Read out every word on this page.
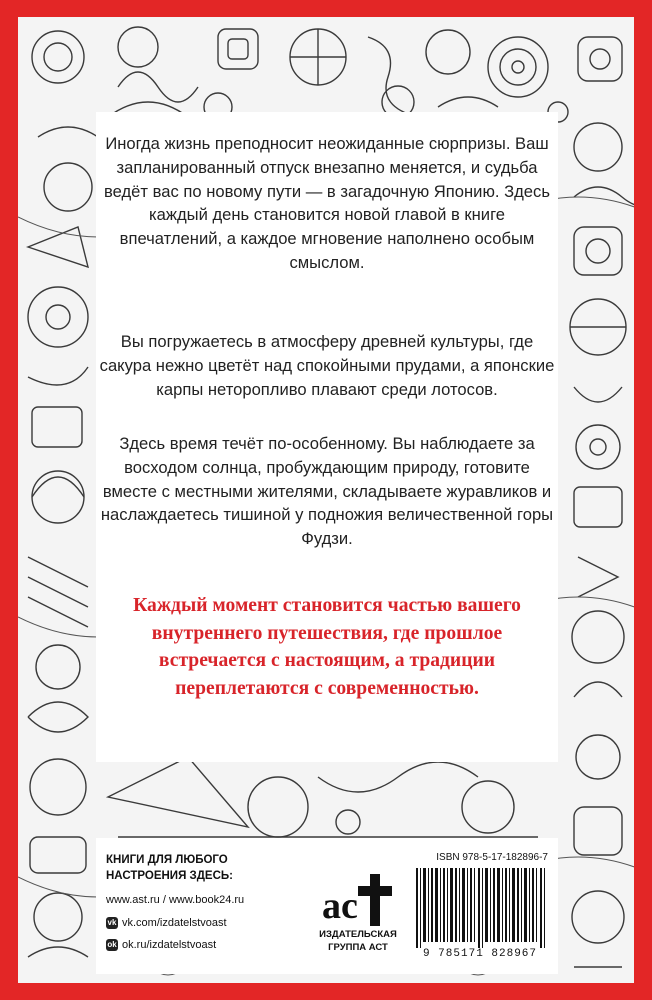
Иногда жизнь преподносит неожиданные сюрпризы. Ваш запланированный отпуск внезапно меняется, и судьба ведёт вас по новому пути — в загадочную Японию. Здесь каждый день становится новой главой в книге впечатлений, а каждое мгновение наполнено особым смыслом.

Вы погружаетесь в атмосферу древней культуры, где сакура нежно цветёт над спокойными прудами, а японские карпы неторопливо плавают среди лотосов.

Здесь время течёт по-особенному. Вы наблюдаете за восходом солнца, пробуждающим природу, готовите вместе с местными жителями, складываете журавликов и наслаждаетесь тишиной у подножия величественной горы Фудзи.

Каждый момент становится частью вашего внутреннего путешествия, где прошлое встречается с настоящим, а традиции переплетаются с современностью.

КНИГИ ДЛЯ ЛЮБОГО НАСТРОЕНИЯ ЗДЕСЬ:
www.ast.ru / www.book24.ru
vk vk.com/izdatelstvoast
ok ok.ru/izdatelstvoast
ac
ИЗДАТЕЛЬСКАЯ ГРУППА АСТ
ISBN 978-5-17-182896-7
9 785171 828967
